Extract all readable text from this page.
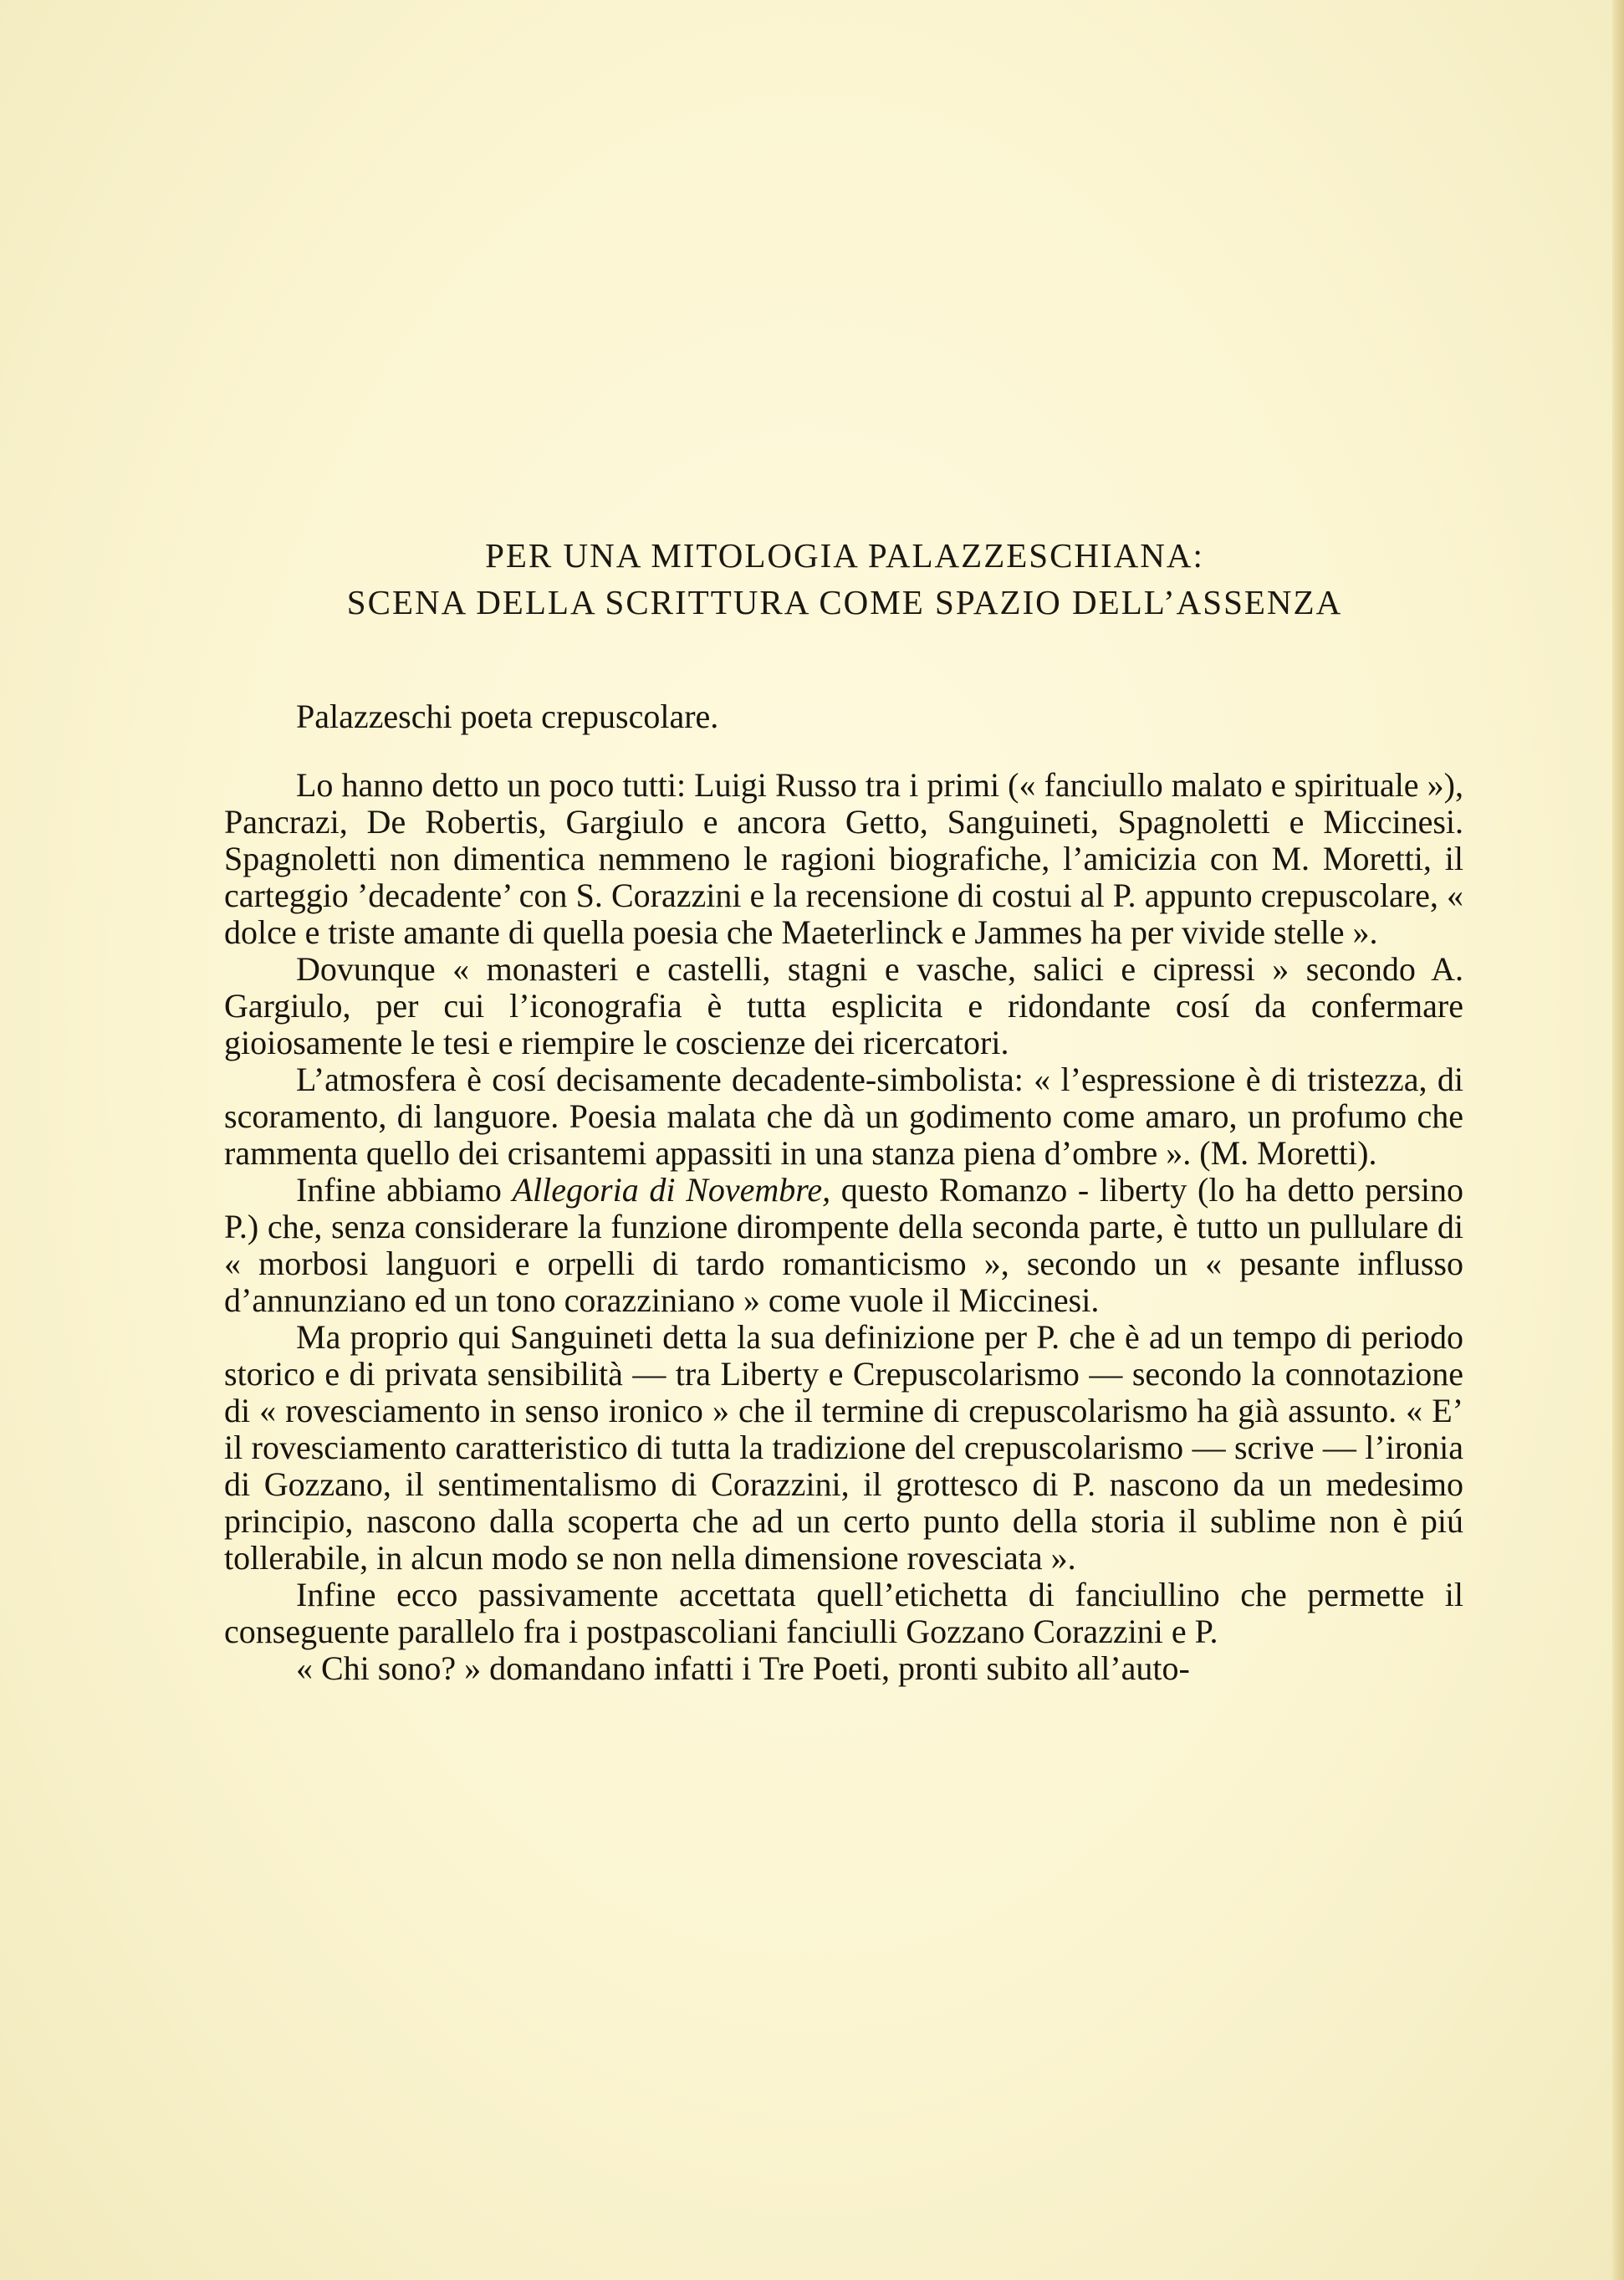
PER UNA MITOLOGIA PALAZZESCHIANA:
SCENA DELLA SCRITTURA COME SPAZIO DELL’ASSENZA

Palazzeschi poeta crepuscolare.

Lo hanno detto un poco tutti: Luigi Russo tra i primi (« fanciullo malato e spirituale »), Pancrazi, De Robertis, Gargiulo e ancora Getto, Sanguineti, Spagnoletti e Miccinesi. Spagnoletti non dimentica nemmeno le ragioni biografiche, l’amicizia con M. Moretti, il carteggio ’decadente’ con S. Corazzini e la recensione di costui al P. appunto crepuscolare, « dolce e triste amante di quella poesia che Maeterlinck e Jammes ha per vivide stelle ».

Dovunque « monasteri e castelli, stagni e vasche, salici e cipressi » secondo A. Gargiulo, per cui l’iconografia è tutta esplicita e ridondante cosí da confermare gioiosamente le tesi e riempire le coscienze dei ricercatori.

L’atmosfera è cosí decisamente decadente-simbolista: « l’espressione è di tristezza, di scoramento, di languore. Poesia malata che dà un godimento come amaro, un profumo che rammenta quello dei crisantemi appassiti in una stanza piena d’ombre ». (M. Moretti).

Infine abbiamo Allegoria di Novembre, questo Romanzo - liberty (lo ha detto persino P.) che, senza considerare la funzione dirompente della seconda parte, è tutto un pullulare di « morbosi languori e orpelli di tardo romanticismo », secondo un « pesante influsso d’annunziano ed un tono corazziniano » come vuole il Miccinesi.

Ma proprio qui Sanguineti detta la sua definizione per P. che è ad un tempo di periodo storico e di privata sensibilità — tra Liberty e Crepuscolarismo — secondo la connotazione di « rovesciamento in senso ironico » che il termine di crepuscolarismo ha già assunto. « E’ il rovesciamento caratteristico di tutta la tradizione del crepuscolarismo — scrive — l’ironia di Gozzano, il sentimentalismo di Corazzini, il grottesco di P. nascono da un medesimo principio, nascono dalla scoperta che ad un certo punto della storia il sublime non è piú tollerabile, in alcun modo se non nella dimensione rovesciata ».

Infine ecco passivamente accettata quell’etichetta di fanciullino che permette il conseguente parallelo fra i postpascoliani fanciulli Gozzano Corazzini e P.

« Chi sono? » domandano infatti i Tre Poeti, pronti subito all’auto-
